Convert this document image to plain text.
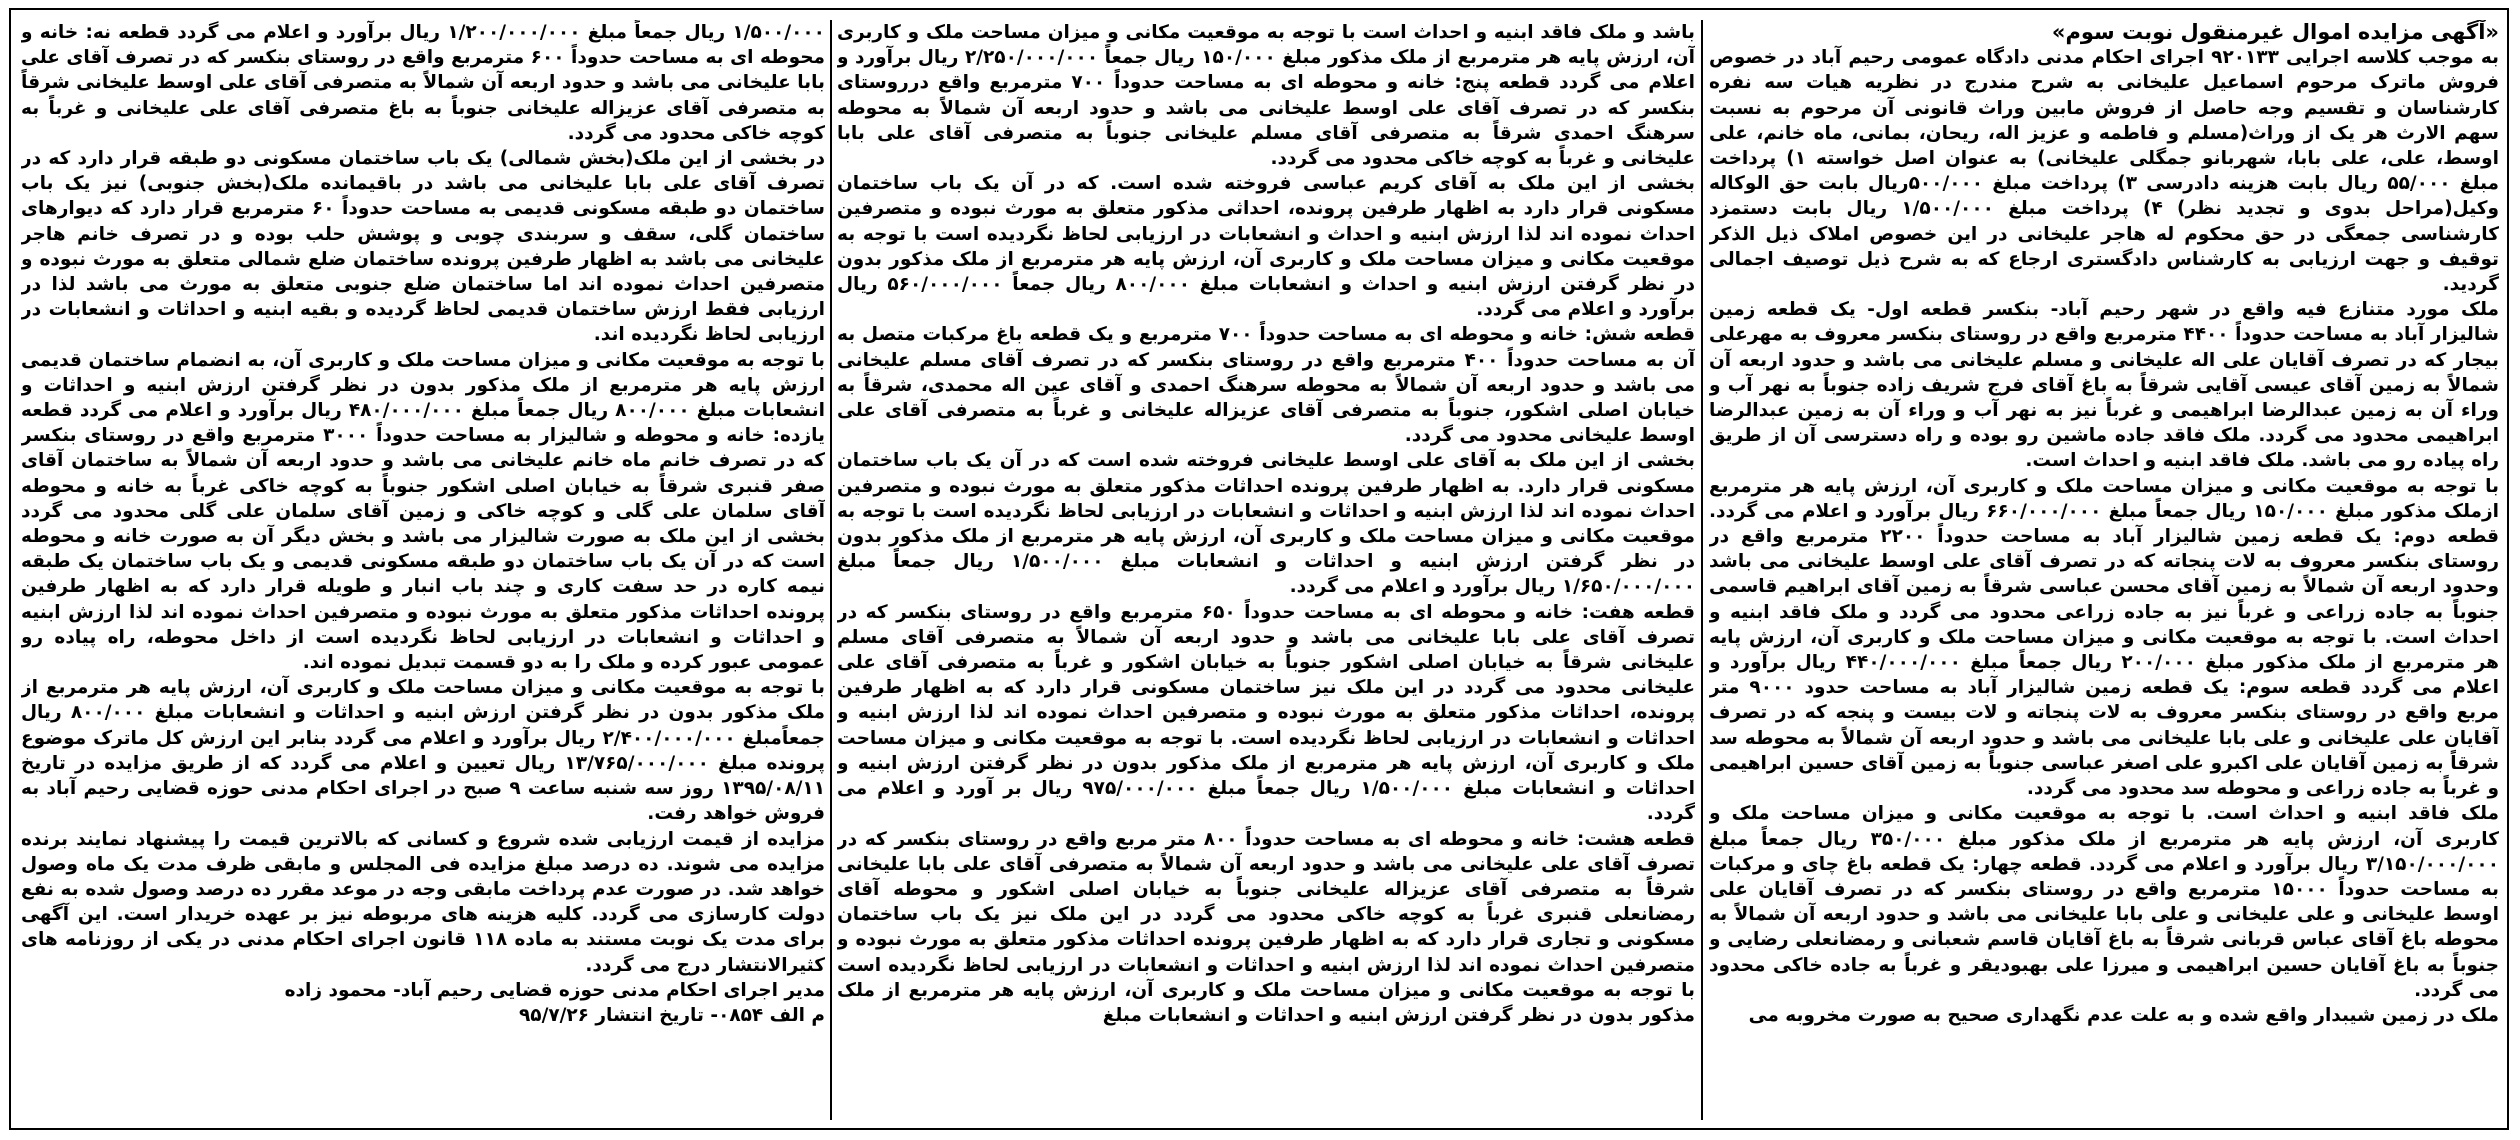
«آگهی مزایده اموال غیرمنقول نوبت سوم»

به موجب کلاسه اجرایی ۹۲۰۱۳۳ اجرای احکام مدنی دادگاه عمومی رحیم آباد در خصوص فروش ماترک مرحوم اسماعیل علیخانی به شرح مندرج در نظریه هیات سه نفره کارشناسان و تقسیم وجه حاصل از فروش مابین وراث قانونی آن مرحوم به نسبت سهم الارث هر یک از وراث(مسلم و فاطمه و عزیز اله، ریحان، بمانی، ماه خانم، علی اوسط، علی، علی بابا، شهربانو جمگلی علیخانی) به عنوان اصل خواسته ۱) پرداخت مبلغ ۵۵/۰۰۰ ریال بابت هزینه دادرسی ۳) پرداخت مبلغ ۵۰۰/۰۰۰ریال بابت حق الوکاله وکیل(مراحل بدوی و تجدید نظر) ۴) پرداخت مبلغ ۱/۵۰۰/۰۰۰ ریال بابت دستمزد کارشناسی جمعگی در حق محکوم له هاجر علیخانی در این خصوص املاک ذیل الذکر توقیف و جهت ارزیابی به کارشناس دادگستری ارجاع که به شرح ذیل توصیف اجمالی گردید.

ملک مورد متنازع فیه واقع در شهر رحیم آباد- بنکسر قطعه اول- یک قطعه زمین شالیزار آباد به مساحت حدوداً ۴۴۰۰ مترمربع واقع در روستای بنکسر معروف به مهرعلی بیجار که در تصرف آقایان علی اله علیخانی و مسلم علیخانی می باشد و حدود اربعه آن شمالاً به زمین آقای عیسی آقایی شرقاً به باغ آقای فرج شریف زاده جنوباً به نهر آب و وراء آن به زمین عبدالرضا ابراهیمی و غرباً نیز به نهر آب و وراء آن به زمین عبدالرضا ابراهیمی محدود می گردد. ملک فاقد جاده ماشین رو بوده و راه دسترسی آن از طریق راه پیاده رو می باشد. ملک فاقد ابنیه و احداث است.

با توجه به موقعیت مکانی و میزان مساحت ملک و کاربری آن، ارزش پایه هر مترمربع ازملک مذکور مبلغ ۱۵۰/۰۰۰ ریال جمعاً مبلغ ۶۶۰/۰۰۰/۰۰۰ ریال برآورد و اعلام می گردد. قطعه دوم: یک قطعه زمین شالیزار آباد به مساحت حدوداً ۲۲۰۰ مترمربع واقع در روستای بنکسر معروف به لات پنجاته که در تصرف آقای علی اوسط علیخانی می باشد وحدود اربعه آن شمالاً به زمین آقای محسن عباسی شرقاً به زمین آقای ابراهیم قاسمی جنوباً به جاده زراعی و غرباً نیز به جاده زراعی محدود می گردد و ملک فاقد ابنیه و احداث است. با توجه به موقعیت مکانی و میزان مساحت ملک و کاربری آن، ارزش پایه هر مترمربع از ملک مذکور مبلغ ۲۰۰/۰۰۰ ریال جمعاً مبلغ ۴۴۰/۰۰۰/۰۰۰ ریال برآورد و اعلام می گردد قطعه سوم: یک قطعه زمین شالیزار آباد به مساحت حدود ۹۰۰۰ متر مربع واقع در روستای بنکسر معروف به لات پنجاته و لات بیست و پنجه که در تصرف آقایان علی علیخانی و علی بابا علیخانی می باشد و حدود اربعه آن شمالاً به محوطه سد شرقاً به زمین آقایان علی اکبرو علی اصغر عباسی جنوباً به زمین آقای حسین ابراهیمی و غرباً به جاده زراعی و محوطه سد محدود می گردد.

ملک فاقد ابنیه و احداث است. با توجه به موقعیت مکانی و میزان مساحت ملک و کاربری آن، ارزش پایه هر مترمربع از ملک مذکور مبلغ ۳۵۰/۰۰۰ ریال جمعاً مبلغ ۳/۱۵۰/۰۰۰/۰۰۰ ریال برآورد و اعلام می گردد. قطعه چهار: یک قطعه باغ چای و مرکبات به مساحت حدوداً ۱۵۰۰۰ مترمربع واقع در روستای بنکسر که در تصرف آقایان علی اوسط علیخانی و علی علیخانی و علی بابا علیخانی می باشد و حدود اربعه آن شمالاً به محوطه باغ آقای عباس قربانی شرقاً به باغ آقایان قاسم شعبانی و رمضانعلی رضایی و جنوباً به باغ آقایان حسین ابراهیمی و میرزا علی بهبودیقر و غرباً به جاده خاکی محدود می گردد.

ملک در زمین شیبدار واقع شده و به علت عدم نگهداری صحیح به صورت مخروبه می

باشد و ملک فاقد ابنیه و احداث است با توجه به موقعیت مکانی و میزان مساحت ملک و کاربری آن، ارزش پایه هر مترمربع از ملک مذکور مبلغ ۱۵۰/۰۰۰ ریال جمعاً ۲/۲۵۰/۰۰۰/۰۰۰ ریال برآورد و اعلام می گردد قطعه پنج: خانه و محوطه ای به مساحت حدوداً ۷۰۰ مترمربع واقع درروستای بنکسر که در تصرف آقای علی اوسط علیخانی می باشد و حدود اربعه آن شمالاً به محوطه سرهنگ احمدی شرقاً به متصرفی آقای مسلم علیخانی جنوباً به متصرفی آقای علی بابا علیخانی و غرباً به کوچه خاکی محدود می گردد.

بخشی از این ملک به آقای کریم عباسی فروخته شده است. که در آن یک باب ساختمان مسکونی قرار دارد به اظهار طرفین پرونده، احداثی مذکور متعلق به مورث نبوده و متصرفین احداث نموده اند لذا ارزش ابنیه و احداث و انشعابات در ارزیابی لحاظ نگردیده است با توجه به موقعیت مکانی و میزان مساحت ملک و کاربری آن، ارزش پایه هر مترمربع از ملک مذکور بدون در نظر گرفتن ارزش ابنیه و احداث و انشعابات مبلغ ۸۰۰/۰۰۰ ریال جمعاً ۵۶۰/۰۰۰/۰۰۰ ریال برآورد و اعلام می گردد.

قطعه شش: خانه و محوطه ای به مساحت حدوداً ۷۰۰ مترمربع و یک قطعه باغ مرکبات متصل به آن به مساحت حدوداً ۴۰۰ مترمربع واقع در روستای بنکسر که در تصرف آقای مسلم علیخانی می باشد و حدود اربعه آن شمالاً به محوطه سرهنگ احمدی و آقای عین اله محمدی، شرقاً به خیابان اصلی اشکور، جنوباً به متصرفی آقای عزیزاله علیخانی و غرباً به متصرفی آقای علی اوسط علیخانی محدود می گردد.

بخشی از این ملک به آقای علی اوسط علیخانی فروخته شده است که در آن یک باب ساختمان مسکونی قرار دارد. به اظهار طرفین پرونده احداثات مذکور متعلق به مورث نبوده و متصرفین احداث نموده اند لذا ارزش ابنیه و احداثات و انشعابات در ارزیابی لحاظ نگردیده است با توجه به موقعیت مکانی و میزان مساحت ملک و کاربری آن، ارزش پایه هر مترمربع از ملک مذکور بدون در نظر گرفتن ارزش ابنیه و احداثات و انشعابات مبلغ ۱/۵۰۰/۰۰۰ ریال جمعاً مبلغ ۱/۶۵۰/۰۰۰/۰۰۰ ریال برآورد و اعلام می گردد.

قطعه هفت: خانه و محوطه ای به مساحت حدوداً ۶۵۰ مترمربع واقع در روستای بنکسر که در تصرف آقای علی بابا علیخانی می باشد و حدود اربعه آن شمالاً به متصرفی آقای مسلم علیخانی شرقاً به خیابان اصلی اشکور جنوباً به خیابان اشکور و غرباً به متصرفی آقای علی علیخانی محدود می گردد در این ملک نیز ساختمان مسکونی قرار دارد که به اظهار طرفین پرونده، احداثات مذکور متعلق به مورث نبوده و متصرفین احداث نموده اند لذا ارزش ابنیه و احداثات و انشعابات در ارزیابی لحاظ نگردیده است. با توجه به موقعیت مکانی و میزان مساحت ملک و کاربری آن، ارزش پایه هر مترمربع از ملک مذکور بدون در نظر گرفتن ارزش ابنیه و احداثات و انشعابات مبلغ ۱/۵۰۰/۰۰۰ ریال جمعاً مبلغ ۹۷۵/۰۰۰/۰۰۰ ریال بر آورد و اعلام می گردد.

قطعه هشت: خانه و محوطه ای به مساحت حدوداً ۸۰۰ متر مربع واقع در روستای بنکسر که در تصرف آقای علی علیخانی می باشد و حدود اربعه آن شمالاً به متصرفی آقای علی بابا علیخانی شرقاً به متصرفی آقای عزیزاله علیخانی جنوباً به خیابان اصلی اشکور و محوطه آقای رمضانعلی قنبری غرباً به کوچه خاکی محدود می گردد در این ملک نیز یک باب ساختمان مسکونی و تجاری قرار دارد که به اظهار طرفین پرونده احداثات مذکور متعلق به مورث نبوده و متصرفین احداث نموده اند لذا ارزش ابنیه و احداثات و انشعابات در ارزیابی لحاظ نگردیده است با توجه به موقعیت مکانی و میزان مساحت ملک و کاربری آن، ارزش پایه هر مترمربع از ملک مذکور بدون در نظر گرفتن ارزش ابنیه و احداثات و انشعابات مبلغ

۱/۵۰۰/۰۰۰ ریال جمعاً مبلغ ۱/۲۰۰/۰۰۰/۰۰۰ ریال برآورد و اعلام می گردد قطعه نه: خانه و محوطه ای به مساحت حدوداً ۶۰۰ مترمربع واقع در روستای بنکسر که در تصرف آقای علی بابا علیخانی می باشد و حدود اربعه آن شمالاً به متصرفی آقای علی اوسط علیخانی شرقاً به متصرفی آقای عزیزاله علیخانی جنوباً به باغ متصرفی آقای علی علیخانی و غرباً به کوچه خاکی محدود می گردد.

در بخشی از این ملک(بخش شمالی) یک باب ساختمان مسکونی دو طبقه قرار دارد که در تصرف آقای علی بابا علیخانی می باشد در باقیمانده ملک(بخش جنوبی) نیز یک باب ساختمان دو طبقه مسکونی قدیمی به مساحت حدوداً ۶۰ مترمربع قرار دارد که دیوارهای ساختمان گلی، سقف و سربندی چوبی و پوشش حلب بوده و در تصرف خانم هاجر علیخانی می باشد به اظهار طرفین پرونده ساختمان ضلع شمالی متعلق به مورث نبوده و متصرفین احداث نموده اند اما ساختمان ضلع جنوبی متعلق به مورث می باشد لذا در ارزیابی فقط ارزش ساختمان قدیمی لحاظ گردیده و بقیه ابنیه و احداثات و انشعابات در ارزیابی لحاظ نگردیده اند.

با توجه به موقعیت مکانی و میزان مساحت ملک و کاربری آن، به انضمام ساختمان قدیمی ارزش پایه هر مترمربع از ملک مذکور بدون در نظر گرفتن ارزش ابنیه و احداثات و انشعابات مبلغ ۸۰۰/۰۰۰ ریال جمعاً مبلغ ۴۸۰/۰۰۰/۰۰۰ ریال برآورد و اعلام می گردد قطعه یازده: خانه و محوطه و شالیزار به مساحت حدوداً ۳۰۰۰ مترمربع واقع در روستای بنکسر که در تصرف خانم ماه خانم علیخانی می باشد و حدود اربعه آن شمالاً به ساختمان آقای صفر قنبری شرقاً به خیابان اصلی اشکور جنوباً به کوچه خاکی غرباً به خانه و محوطه آقای سلمان علی گلی و کوچه خاکی و زمین آقای سلمان علی گلی محدود می گردد بخشی از این ملک به صورت شالیزار می باشد و بخش دیگر آن به صورت خانه و محوطه است که در آن یک باب ساختمان دو طبقه مسکونی قدیمی و یک باب ساختمان یک طبقه نیمه کاره در حد سفت کاری و چند باب انبار و طویله قرار دارد که به اظهار طرفین پرونده احداثات مذکور متعلق به مورث نبوده و متصرفین احداث نموده اند لذا ارزش ابنیه و احداثات و انشعابات در ارزیابی لحاظ نگردیده است از داخل محوطه، راه پیاده رو عمومی عبور کرده و ملک را به دو قسمت تبدیل نموده اند.

با توجه به موقعیت مکانی و میزان مساحت ملک و کاربری آن، ارزش پایه هر مترمربع از ملک مذکور بدون در نظر گرفتن ارزش ابنیه و احداثات و انشعابات مبلغ ۸۰۰/۰۰۰ ریال جمعاًمبلغ ۲/۴۰۰/۰۰۰/۰۰۰ ریال برآورد و اعلام می گردد بنابر این ارزش کل ماترک موضوع پرونده مبلغ ۱۳/۷۶۵/۰۰۰/۰۰۰ ریال تعیین و اعلام می گردد که از طریق مزایده در تاریخ ۱۳۹۵/۰۸/۱۱ روز سه شنبه ساعت ۹ صبح در اجرای احکام مدنی حوزه قضایی رحیم آباد به فروش خواهد رفت.

مزایده از قیمت ارزیابی شده شروع و کسانی که بالاترین قیمت را پیشنهاد نمایند برنده مزایده می شوند. ده درصد مبلغ مزایده فی المجلس و مابقی ظرف مدت یک ماه وصول خواهد شد. در صورت عدم پرداخت مابقی وجه در موعد مقرر ده درصد وصول شده به نفع دولت کارسازی می گردد. کلیه هزینه های مربوطه نیز بر عهده خریدار است. این آگهی برای مدت یک نوبت مستند به ماده ۱۱۸ قانون اجرای احکام مدنی در یکی از روزنامه های کثیرالانتشار درج می گردد.

مدیر اجرای احکام مدنی حوزه قضایی رحیم آباد- محمود زاده

م الف ۰۸۵۴- تاریخ انتشار ۹۵/۷/۲۶
